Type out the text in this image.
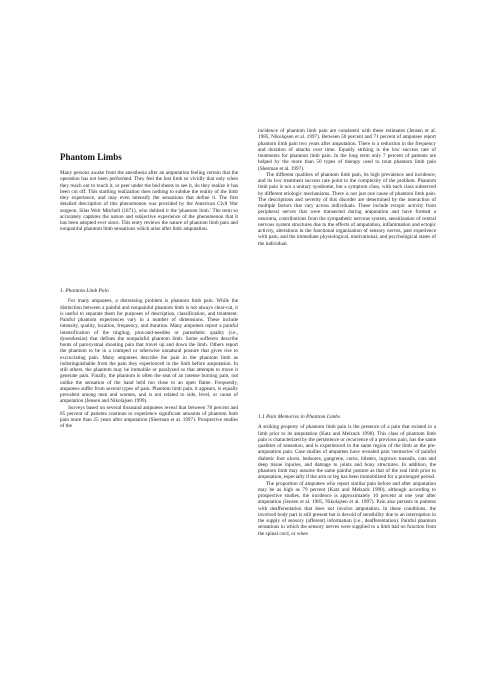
Phantom Limbs

Many persons awake from the anesthesia after an amputation feeling certain that the operation has not been performed. They feel the lost limb so vividly that only when they reach out to touch it, or peer under the bed sheets to see it, do they realize it has been cut off. This startling realization does nothing to subdue the reality of the limb they experience, and may even intensify the sensations that define it. The first detailed description of this phenomenon was provided by the American Civil War surgeon, Silas Weir Mitchell (1871), who dubbed it the 'phantom limb.' The term so accurately captures the nature and subjective experience of the phenomenon that it has been adopted ever since. This entry reviews the nature of phantom limb pain and nonpainful phantom limb sensations which arise after limb amputation.

1. Phantom Limb Pain

For many amputees, a distressing problem is phantom limb pain. While the distinction between a painful and nonpainful phantom limb is not always clear-cut, it is useful to separate them for purposes of description, classification, and treatment. Painful phantom experiences vary in a number of dimensions. These include intensity, quality, location, frequency, and duration. Many amputees report a painful intensification of the tingling, pins-and-needles or paresthetic quality (i.e., dysesthesias) that defines the nonpainful phantom limb. Some sufferers describe bouts of paroxysmal shooting pain that travel up and down the limb. Others report the phantom to be in a cramped or otherwise unnatural posture that gives rise to excruciating pain. Many amputees describe the pain in the phantom limb as indistinguishable from the pain they experienced in the limb before amputation. In still others, the phantom may be immobile or paralyzed so that attempts to move it generate pain. Finally, the phantom is often the seat of an intense burning pain, not unlike the sensation of the hand held too close to an open flame. Frequently, amputees suffer from several types of pain. Phantom limb pain, it appears, is equally prevalent among men and women, and is not related to side, level, or cause of amputation (Jensen and Nikolajsen 1999).

Surveys based on several thousand amputees reveal that between 78 percent and 85 percent of patients continue to experience significant amounts of phantom limb pain more than 25 years after amputation (Sherman et al. 1997). Prospective studies of the

incidence of phantom limb pain are consistent with these estimates (Jensen et al. 1985, Nikolajsen et al. 1997). Between 50 percent and 71 percent of amputees report phantom limb pain two years after amputation. There is a reduction in the frequency and duration of attacks over time. Equally striking is the low success rate of treatments for phantom limb pain. In the long term only 7 percent of patients are helped by the more than 50 types of therapy used to treat phantom limb pain (Sherman et al. 1997).

The different qualities of phantom limb pain, its high prevalence and incidence, and its low treatment success rate point to the complexity of the problem. Phantom limb pain is not a unitary syndrome, but a symptom class, with each class subserved by different etiologic mechanisms. There is not just one cause of phantom limb pain. The descriptions and severity of this disorder are determined by the interaction of multiple factors that vary across individuals. These include ectopic activity from peripheral nerves that were transected during amputation and have formed a neuroma, contributions from the sympathetic nervous system, sensitization of central nervous system structures due to the effects of amputation, inflammation and ectopic activity, alterations in the functional organization of sensory nerves, past experience with pain, and the immediate physiological, motivational, and psychological states of the individual.

1.1 Pain Memories in Phantom Limbs

A striking property of phantom limb pain is the presence of a pain that existed in a limb prior to its amputation (Katz and Melzack 1990). This class of phantom limb pain is characterized by the persistence or recurrence of a previous pain, has the same qualities of sensation, and is experienced in the same region of the limb as the pre-amputation pain. Case studies of amputees have revealed pain 'memories' of painful diabetic foot ulcers, bedsores, gangrene, corns, blisters, ingrown toenails, cuts and deep tissue injuries, and damage to joints and bony structures. In addition, the phantom limb may assume the same painful posture as that of the real limb prior to amputation, especially if the arm or leg has been immobilized for a prolonged period.

The proportion of amputees who report similar pain before and after amputation may be as high as 79 percent (Katz and Melzack 1990), although according to prospective studies, the incidence is approximately 10 percent at one year after amputation (Jensen et al. 1985, Nikolajsen et al. 1997). Pain also persists in patients with deafferentation that does not involve amputation. In these conditions, the involved body part is still present but is devoid of sensibility due to an interruption in the supply of sensory (afferent) information (i.e., deafferentation). Painful phantom sensations in which the sensory nerves were supplied to a limb had no function from the spinal cord, or when
